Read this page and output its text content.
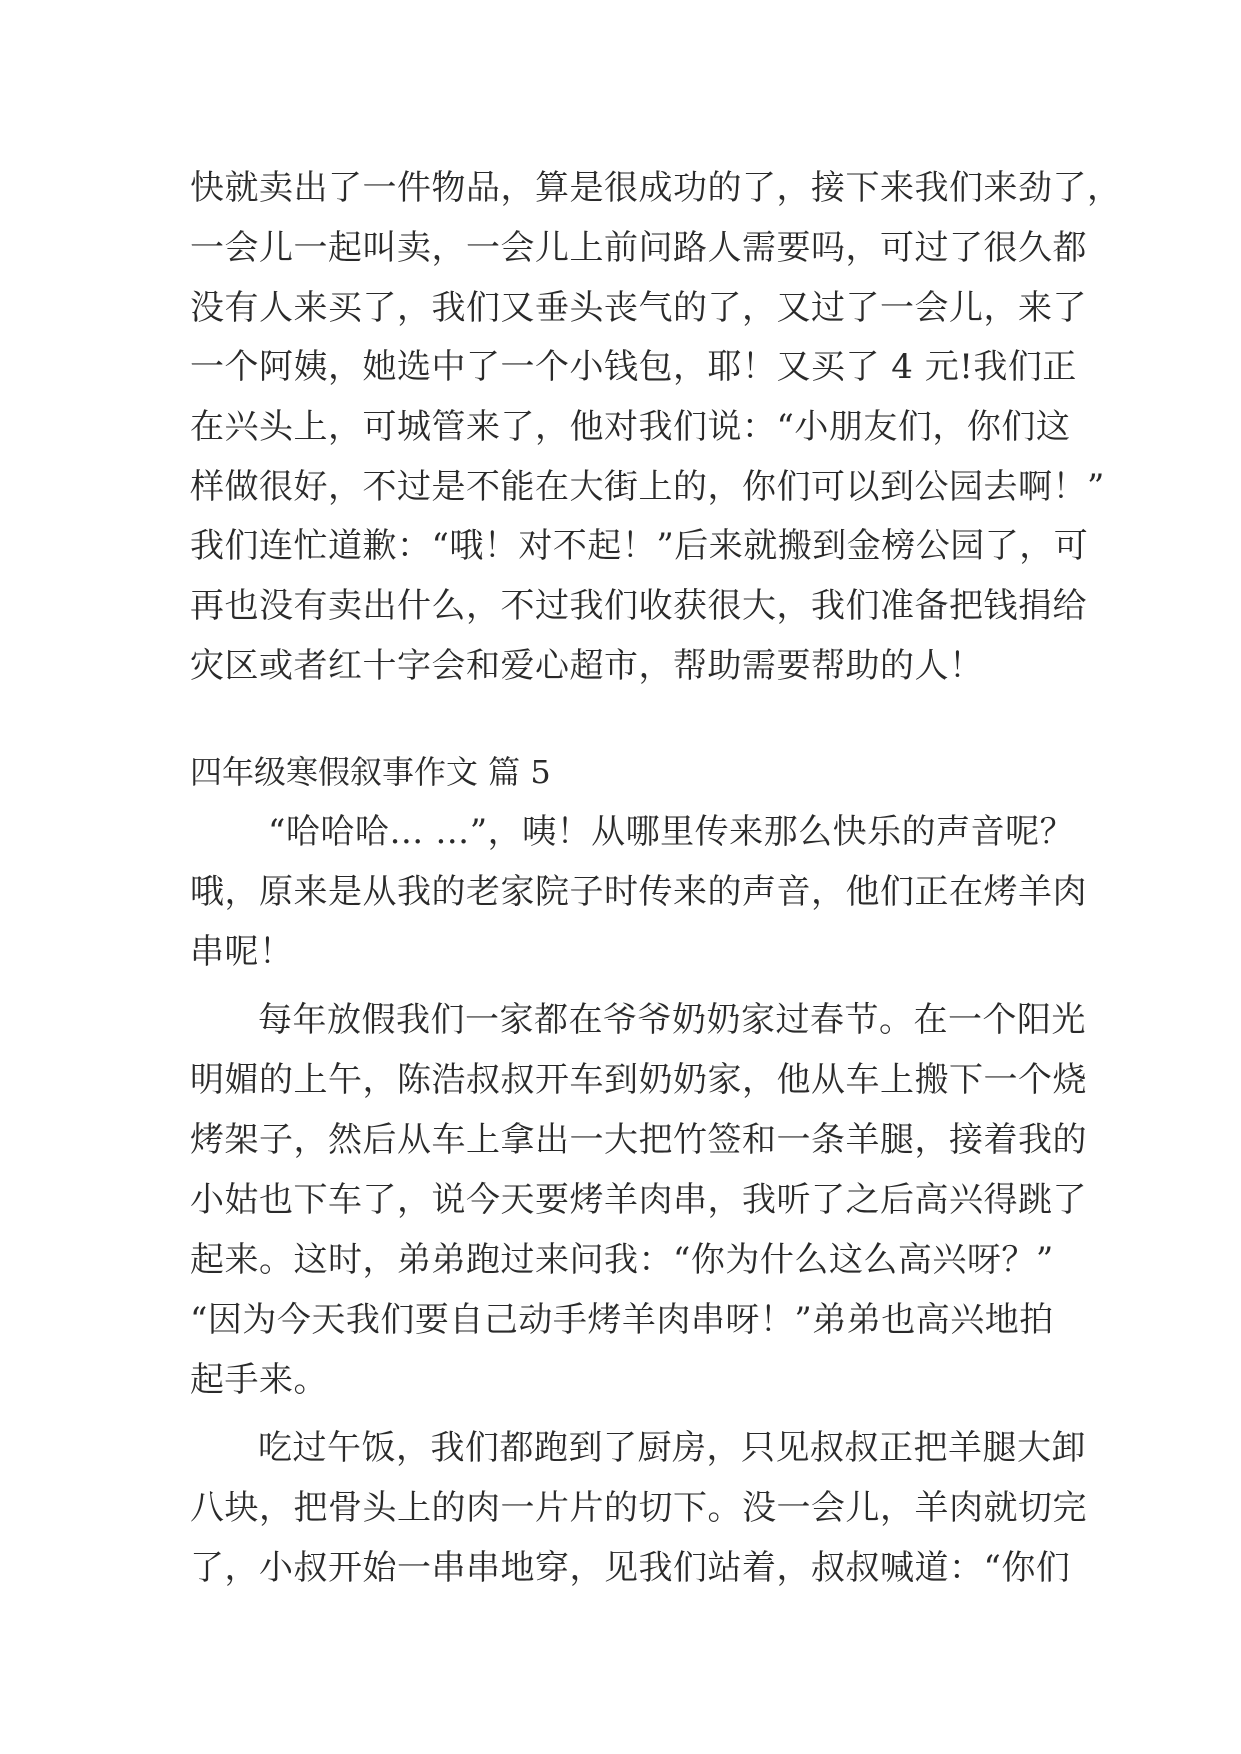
快就卖出了一件物品，算是很成功的了，接下来我们来劲了，
一会儿一起叫卖，一会儿上前问路人需要吗，可过了很久都
没有人来买了，我们又垂头丧气的了，又过了一会儿，来了
一个阿姨，她选中了一个小钱包，耶！又买了 4 元!我们正
在兴头上，可城管来了，他对我们说：“小朋友们，你们这
样做很好，不过是不能在大街上的，你们可以到公园去啊！”
我们连忙道歉：“哦！对不起！”后来就搬到金榜公园了，可
再也没有卖出什么，不过我们收获很大，我们准备把钱捐给
灾区或者红十字会和爱心超市，帮助需要帮助的人！
四年级寒假叙事作文 篇 5
“哈哈哈… …”，咦！从哪里传来那么快乐的声音呢？
哦，原来是从我的老家院子时传来的声音，他们正在烤羊肉
串呢！
每年放假我们一家都在爷爷奶奶家过春节。在一个阳光
明媚的上午，陈浩叔叔开车到奶奶家，他从车上搬下一个烧
烤架子，然后从车上拿出一大把竹签和一条羊腿，接着我的
小姑也下车了，说今天要烤羊肉串，我听了之后高兴得跳了
起来。这时，弟弟跑过来问我：“你为什么这么高兴呀？”
“因为今天我们要自己动手烤羊肉串呀！”弟弟也高兴地拍
起手来。
吃过午饭，我们都跑到了厨房，只见叔叔正把羊腿大卸
八块，把骨头上的肉一片片的切下。没一会儿，羊肉就切完
了，小叔开始一串串地穿，见我们站着，叔叔喊道：“你们
